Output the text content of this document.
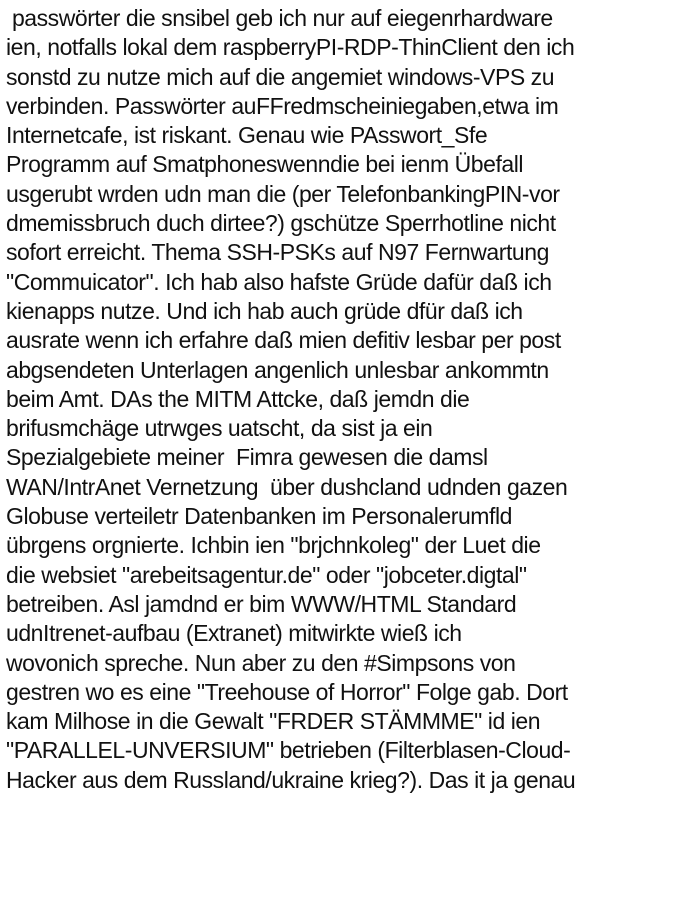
passwörter die snsibel geb ich nur auf eiegenrhardware
ien, notfalls lokal dem raspberryPI-RDP-ThinClient den ich
sonstd zu nutze mich auf die angemiet windows-VPS zu
verbinden. Passwörter auFFredmscheiniegaben,etwa im
Internetcafe, ist riskant. Genau wie PAsswort_Sfe
Programm auf Smatphoneswenndie bei ienm Übefall
usgerubt wrden udn man die (per TelefonbankingPIN-vor
dmemissbruch duch dirtee?) gschütze Sperrhotline nicht
sofort erreicht. Thema SSH-PSKs auf N97 Fernwartung
"Commuicator". Ich hab also hafste Grüde dafür daß ich
kienapps nutze. Und ich hab auch grüde dfür daß ich
ausrate wenn ich erfahre daß mien defitiv lesbar per post
abgsendeten Unterlagen angenlich unlesbar ankommtn
beim Amt. DAs the MITM Attcke, daß jemdn die
brifusmchäge utrwges uatscht, da sist ja ein
Spezialgebiete meiner  Fimra gewesen die damsl
WAN/IntrAnet Vernetzung  über dushcland udnden gazen
Globuse verteiletr Datenbanken im Personalerumfld
übrgens orgnierte. Ichbin ien "brjchnkoleg" der Luet die
die websiet "arebeitsagentur.de" oder "jobceter.digtal"
betreiben. Asl jamdnd er bim WWW/HTML Standard
udnItrenet-aufbau (Extranet) mitwirkte wieß ich
wovonich spreche. Nun aber zu den #Simpsons von
gestren wo es eine "Treehouse of Horror" Folge gab. Dort
kam Milhose in die Gewalt "FRDER STÄMMME" id ien
"PARALLEL-UNVERSIUM" betrieben (Filterblasen-Cloud-
Hacker aus dem Russland/ukraine krieg?). Das it ja genau
